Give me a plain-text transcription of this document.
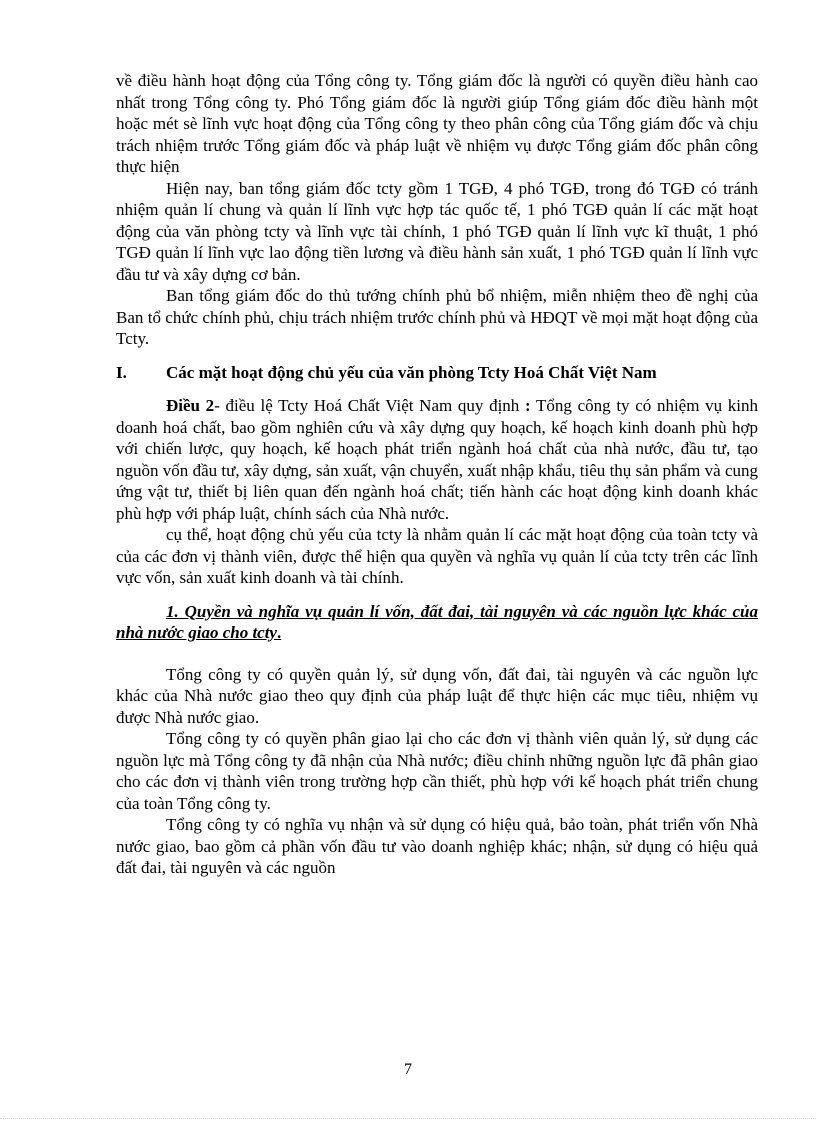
về điều hành hoạt động của Tổng công ty. Tổng giám đốc là người có quyền điều hành cao nhất trong Tổng công ty. Phó Tổng giám đốc là người giúp Tổng giám đốc điều hành một hoặc mét sè lĩnh vực hoạt động của Tổng công ty theo phân công của Tổng giám đốc và chịu trách nhiệm trước Tổng giám đốc và pháp luật về nhiệm vụ được Tổng giám đốc phân công thực hiện

Hiện nay, ban tổng giám đốc tcty gồm 1 TGĐ, 4 phó TGĐ, trong đó TGĐ có tránh nhiệm quản lí chung và quản lí lĩnh vực hợp tác quốc tế, 1 phó TGĐ quản lí các mặt hoạt động của văn phòng tcty và lĩnh vực tài chính, 1 phó TGĐ quản lí lĩnh vực kĩ thuật, 1 phó TGĐ quản lí lĩnh vực lao động tiền lương và điều hành sản xuất, 1 phó TGĐ quản lí lĩnh vực đầu tư và xây dựng cơ bản.

Ban tổng giám đốc do thủ tướng chính phủ bổ nhiệm, miễn nhiệm theo đề nghị của Ban tổ chức chính phủ, chịu trách nhiệm trước chính phủ và HĐQT về mọi mặt hoạt động của Tcty.

I.	Các mặt hoạt động chủ yếu của văn phòng Tcty Hoá Chất Việt Nam

Điều 2- điều lệ Tcty Hoá Chất Việt Nam quy định : Tổng công ty có nhiệm vụ kinh doanh hoá chất, bao gồm nghiên cứu và xây dựng quy hoạch, kế hoạch kinh doanh phù hợp với chiến lược, quy hoạch, kế hoạch phát triển ngành hoá chất của nhà nước, đầu tư, tạo nguồn vốn đầu tư, xây dựng, sản xuất, vận chuyển, xuất nhập khẩu, tiêu thụ sản phẩm và cung ứng vật tư, thiết bị liên quan đến ngành hoá chất; tiến hành các hoạt động kinh doanh khác phù hợp với pháp luật, chính sách của Nhà nước.

cụ thể, hoạt động chủ yếu của tcty là nhằm quản lí các mặt hoạt động của toàn tcty và của các đơn vị thành viên, được thể hiện qua quyền và nghĩa vụ quản lí của tcty trên các lĩnh vực vốn, sản xuất kinh doanh và tài chính.

1. Quyền và nghĩa vụ quản lí vốn, đất đai, tài nguyên và các nguồn lực khác của nhà nước giao cho tcty.

Tổng công ty có quyền quản lý, sử dụng vốn, đất đai, tài nguyên và các nguồn lực khác của Nhà nước giao theo quy định của pháp luật để thực hiện các mục tiêu, nhiệm vụ được Nhà nước giao.

Tổng công ty có quyền phân giao lại cho các đơn vị thành viên quản lý, sử dụng các nguồn lực mà Tổng công ty đã nhận của Nhà nước; điều chỉnh những nguồn lực đã phân giao cho các đơn vị thành viên trong trường hợp cần thiết, phù hợp với kế hoạch phát triển chung của toàn Tổng công ty.

Tổng công ty có nghĩa vụ nhận và sử dụng có hiệu quả, bảo toàn, phát triển vốn Nhà nước giao, bao gồm cả phần vốn đầu tư vào doanh nghiệp khác; nhận, sử dụng có hiệu quả đất đai, tài nguyên và các nguồn

7
